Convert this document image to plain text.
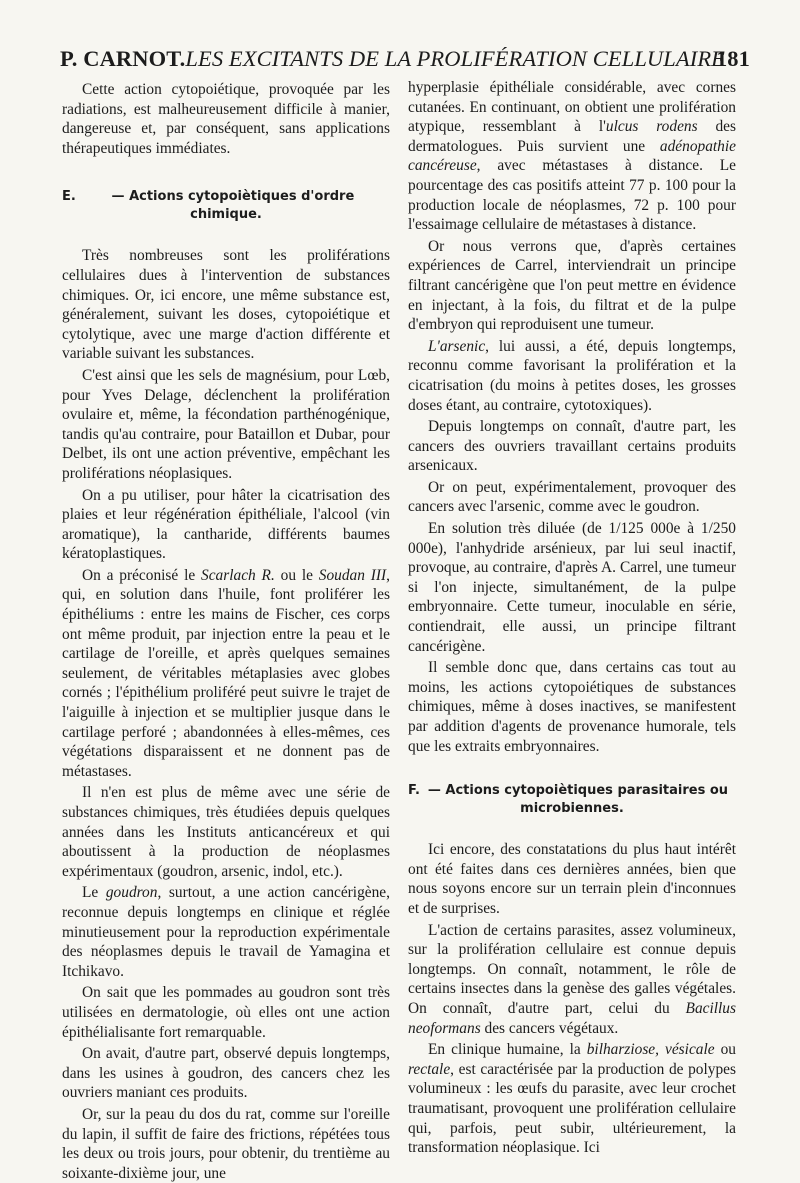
P. CARNOT.LES EXCITANTS DE LA PROLIFÉRATION CELLULAIRE
181

Cette action cytopoiétique, provoquée par les radiations, est malheureusement difficile à manier, dangereuse et, par conséquent, sans applications thérapeutiques immédiates.

E.	— Actions cytopoiètiques d'ordre chimique.

Très nombreuses sont les proliférations cellulaires dues à l'intervention de substances chimiques. Or, ici encore, une même substance est, généralement, suivant les doses, cytopoiétique et cytolytique, avec une marge d'action différente et variable suivant les substances.

C'est ainsi que les sels de magnésium, pour Lœb, pour Yves Delage, déclenchent la prolifération ovulaire et, même, la fécondation parthénogénique, tandis qu'au contraire, pour Bataillon et Dubar, pour Delbet, ils ont une action préventive, empêchant les proliférations néoplasiques.

On a pu utiliser, pour hâter la cicatrisation des plaies et leur régénération épithéliale, l'alcool (vin aromatique), la cantharide, différents baumes kératoplastiques.

On a préconisé le Scarlach R. ou le Soudan III, qui, en solution dans l'huile, font proliférer les épithéliums : entre les mains de Fischer, ces corps ont même produit, par injection entre la peau et le cartilage de l'oreille, et après quelques semaines seulement, de véritables métaplasies avec globes cornés ; l'épithélium proliféré peut suivre le trajet de l'aiguille à injection et se multiplier jusque dans le cartilage perforé ; abandonnées à elles-mêmes, ces végétations disparaissent et ne donnent pas de métastases.

Il n'en est plus de même avec une série de substances chimiques, très étudiées depuis quelques années dans les Instituts anticancéreux et qui aboutissent à la production de néoplasmes expérimentaux (goudron, arsenic, indol, etc.).

Le goudron, surtout, a une action cancérigène, reconnue depuis longtemps en clinique et réglée minutieusement pour la reproduction expérimentale des néoplasmes depuis le travail de Yamagina et Itchikavo.

On sait que les pommades au goudron sont très utilisées en dermatologie, où elles ont une action épithélialisante fort remarquable.

On avait, d'autre part, observé depuis longtemps, dans les usines à goudron, des cancers chez les ouvriers maniant ces produits.

Or, sur la peau du dos du rat, comme sur l'oreille du lapin, il suffit de faire des frictions, répétées tous les deux ou trois jours, pour obtenir, du trentième au soixante-dixième jour, une

hyperplasie épithéliale considérable, avec cornes cutanées. En continuant, on obtient une prolifération atypique, ressemblant à l'ulcus rodens des dermatologues. Puis survient une adénopathie cancéreuse, avec métastases à distance. Le pourcentage des cas positifs atteint 77 p. 100 pour la production locale de néoplasmes, 72 p. 100 pour l'essaimage cellulaire de métastases à distance.

Or nous verrons que, d'après certaines expériences de Carrel, interviendrait un principe filtrant cancérigène que l'on peut mettre en évidence en injectant, à la fois, du filtrat et de la pulpe d'embryon qui reproduisent une tumeur.

L'arsenic, lui aussi, a été, depuis longtemps, reconnu comme favorisant la prolifération et la cicatrisation (du moins à petites doses, les grosses doses étant, au contraire, cytotoxiques).

Depuis longtemps on connaît, d'autre part, les cancers des ouvriers travaillant certains produits arsenicaux.

Or on peut, expérimentalement, provoquer des cancers avec l'arsenic, comme avec le goudron.

En solution très diluée (de 1/125 000e à 1/250 000e), l'anhydride arsénieux, par lui seul inactif, provoque, au contraire, d'après A. Carrel, une tumeur si l'on injecte, simultanément, de la pulpe embryonnaire. Cette tumeur, inoculable en série, contiendrait, elle aussi, un principe filtrant cancérigène.

Il semble donc que, dans certains cas tout au moins, les actions cytopoiétiques de substances chimiques, même à doses inactives, se manifestent par addition d'agents de provenance humorale, tels que les extraits embryonnaires.

F. — Actions cytopoiètiques parasitaires ou microbiennes.

Ici encore, des constatations du plus haut intérêt ont été faites dans ces dernières années, bien que nous soyons encore sur un terrain plein d'inconnues et de surprises.

L'action de certains parasites, assez volumineux, sur la prolifération cellulaire est connue depuis longtemps. On connaît, notamment, le rôle de certains insectes dans la genèse des galles végétales. On connaît, d'autre part, celui du Bacillus neoformans des cancers végétaux.

En clinique humaine, la bilharziose, vésicale ou rectale, est caractérisée par la production de polypes volumineux : les œufs du parasite, avec leur crochet traumatisant, provoquent une prolifération cellulaire qui, parfois, peut subir, ultérieurement, la transformation néoplasique. Ici
